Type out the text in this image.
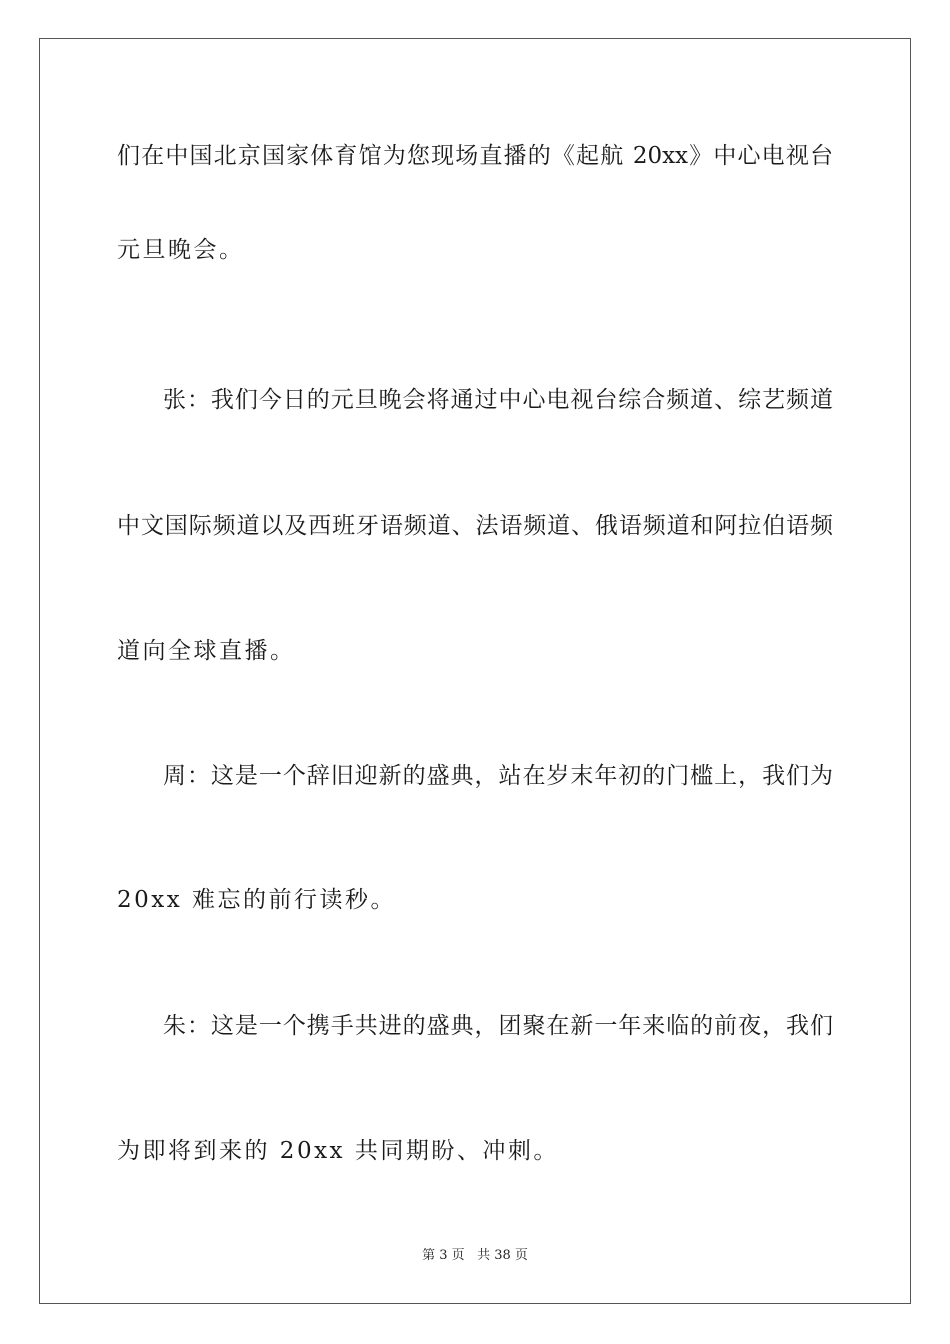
们在中国北京国家体育馆为您现场直播的《起航 20xx》中心电视台
元旦晚会。
张：我们今日的元旦晚会将通过中心电视台综合频道、综艺频道
中文国际频道以及西班牙语频道、法语频道、俄语频道和阿拉伯语频
道向全球直播。
周：这是一个辞旧迎新的盛典，站在岁末年初的门槛上，我们为
20xx 难忘的前行读秒。
朱：这是一个携手共进的盛典，团聚在新一年来临的前夜，我们
为即将到来的 20xx 共同期盼、冲刺。
第 3 页 共 38 页
